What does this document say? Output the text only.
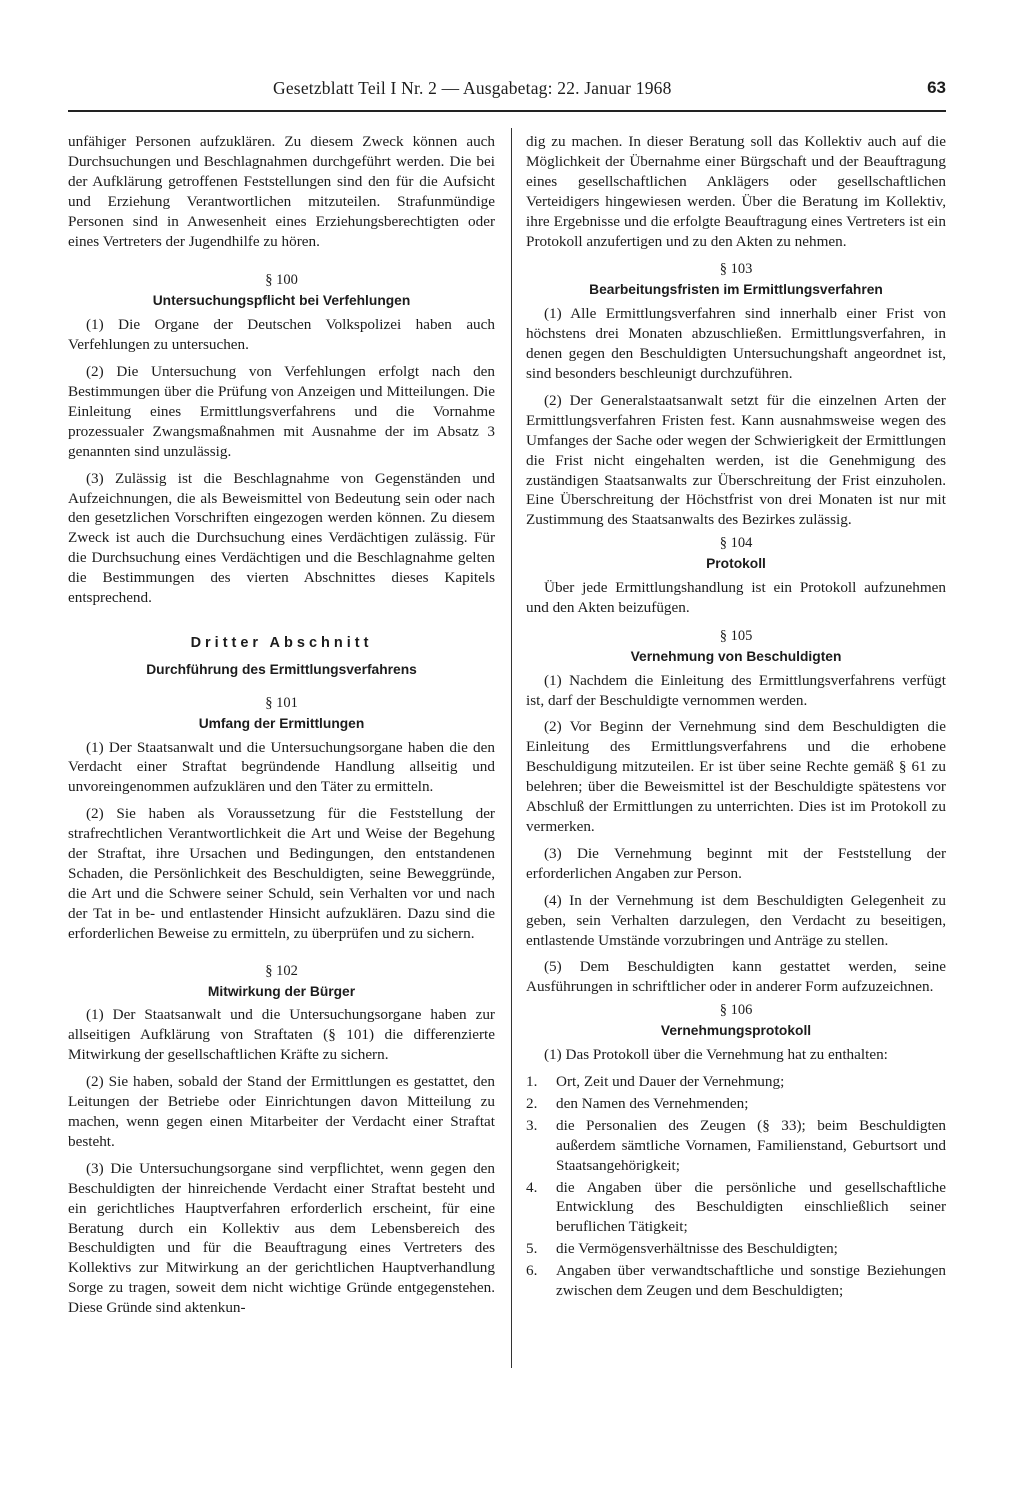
Gesetzblatt Teil I Nr. 2 — Ausgabetag: 22. Januar 1968	63

unfähiger Personen aufzuklären. Zu diesem Zweck können auch Durchsuchungen und Beschlagnahmen durchgeführt werden. Die bei der Aufklärung getroffenen Feststellungen sind den für die Aufsicht und Erziehung Verantwortlichen mitzuteilen. Strafunmündige Personen sind in Anwesenheit eines Erziehungsberechtigten oder eines Vertreters der Jugendhilfe zu hören.

§ 100
Untersuchungspflicht bei Verfehlungen

(1) Die Organe der Deutschen Volkspolizei haben auch Verfehlungen zu untersuchen.

(2) Die Untersuchung von Verfehlungen erfolgt nach den Bestimmungen über die Prüfung von Anzeigen und Mitteilungen. Die Einleitung eines Ermittlungsverfahrens und die Vornahme prozessualer Zwangsmaßnahmen mit Ausnahme der im Absatz 3 genannten sind unzulässig.

(3) Zulässig ist die Beschlagnahme von Gegenständen und Aufzeichnungen, die als Beweismittel von Bedeutung sein oder nach den gesetzlichen Vorschriften eingezogen werden können. Zu diesem Zweck ist auch die Durchsuchung eines Verdächtigen zulässig. Für die Durchsuchung eines Verdächtigen und die Beschlagnahme gelten die Bestimmungen des vierten Abschnittes dieses Kapitels entsprechend.

Dritter Abschnitt
Durchführung des Ermittlungsverfahrens
§ 101
Umfang der Ermittlungen

(1) Der Staatsanwalt und die Untersuchungsorgane haben die den Verdacht einer Straftat begründende Handlung allseitig und unvoreingenommen aufzuklären und den Täter zu ermitteln.

(2) Sie haben als Voraussetzung für die Feststellung der strafrechtlichen Verantwortlichkeit die Art und Weise der Begehung der Straftat, ihre Ursachen und Bedingungen, den entstandenen Schaden, die Persönlichkeit des Beschuldigten, seine Beweggründe, die Art und die Schwere seiner Schuld, sein Verhalten vor und nach der Tat in be- und entlastender Hinsicht aufzuklären. Dazu sind die erforderlichen Beweise zu ermitteln, zu überprüfen und zu sichern.

§ 102
Mitwirkung der Bürger

(1) Der Staatsanwalt und die Untersuchungsorgane haben zur allseitigen Aufklärung von Straftaten (§ 101) die differenzierte Mitwirkung der gesellschaftlichen Kräfte zu sichern.

(2) Sie haben, sobald der Stand der Ermittlungen es gestattet, den Leitungen der Betriebe oder Einrichtungen davon Mitteilung zu machen, wenn gegen einen Mitarbeiter der Verdacht einer Straftat besteht.

(3) Die Untersuchungsorgane sind verpflichtet, wenn gegen den Beschuldigten der hinreichende Verdacht einer Straftat besteht und ein gerichtliches Hauptverfahren erforderlich erscheint, für eine Beratung durch ein Kollektiv aus dem Lebensbereich des Beschuldigten und für die Beauftragung eines Vertreters des Kollektivs zur Mitwirkung an der gerichtlichen Hauptverhandlung Sorge zu tragen, soweit dem nicht wichtige Gründe entgegenstehen. Diese Gründe sind aktenkun-

dig zu machen. In dieser Beratung soll das Kollektiv auch auf die Möglichkeit der Übernahme einer Bürgschaft und der Beauftragung eines gesellschaftlichen Anklägers oder gesellschaftlichen Verteidigers hingewiesen werden. Über die Beratung im Kollektiv, ihre Ergebnisse und die erfolgte Beauftragung eines Vertreters ist ein Protokoll anzufertigen und zu den Akten zu nehmen.

§ 103
Bearbeitungsfristen im Ermittlungsverfahren

(1) Alle Ermittlungsverfahren sind innerhalb einer Frist von höchstens drei Monaten abzuschließen. Ermittlungsverfahren, in denen gegen den Beschuldigten Untersuchungshaft angeordnet ist, sind besonders beschleunigt durchzuführen.

(2) Der Generalstaatsanwalt setzt für die einzelnen Arten der Ermittlungsverfahren Fristen fest. Kann ausnahmsweise wegen des Umfanges der Sache oder wegen der Schwierigkeit der Ermittlungen die Frist nicht eingehalten werden, ist die Genehmigung des zuständigen Staatsanwalts zur Überschreitung der Frist einzuholen. Eine Überschreitung der Höchstfrist von drei Monaten ist nur mit Zustimmung des Staatsanwalts des Bezirkes zulässig.

§ 104
Protokoll

Über jede Ermittlungshandlung ist ein Protokoll aufzunehmen und den Akten beizufügen.

§ 105
Vernehmung von Beschuldigten

(1) Nachdem die Einleitung des Ermittlungsverfahrens verfügt ist, darf der Beschuldigte vernommen werden.

(2) Vor Beginn der Vernehmung sind dem Beschuldigten die Einleitung des Ermittlungsverfahrens und die erhobene Beschuldigung mitzuteilen. Er ist über seine Rechte gemäß § 61 zu belehren; über die Beweismittel ist der Beschuldigte spätestens vor Abschluß der Ermittlungen zu unterrichten. Dies ist im Protokoll zu vermerken.

(3) Die Vernehmung beginnt mit der Feststellung der erforderlichen Angaben zur Person.

(4) In der Vernehmung ist dem Beschuldigten Gelegenheit zu geben, sein Verhalten darzulegen, den Verdacht zu beseitigen, entlastende Umstände vorzubringen und Anträge zu stellen.

(5) Dem Beschuldigten kann gestattet werden, seine Ausführungen in schriftlicher oder in anderer Form aufzuzeichnen.

§ 106
Vernehmungsprotokoll

(1) Das Protokoll über die Vernehmung hat zu enthalten:

1.	Ort, Zeit und Dauer der Vernehmung;
2.	den Namen des Vernehmenden;
3.	die Personalien des Zeugen (§ 33); beim Beschuldigten außerdem sämtliche Vornamen, Familienstand, Geburtsort und Staatsangehörigkeit;
4.	die Angaben über die persönliche und gesellschaftliche Entwicklung des Beschuldigten einschließlich seiner beruflichen Tätigkeit;
5.	die Vermögensverhältnisse des Beschuldigten;
6.	Angaben über verwandtschaftliche und sonstige Beziehungen zwischen dem Zeugen und dem Beschuldigten;
